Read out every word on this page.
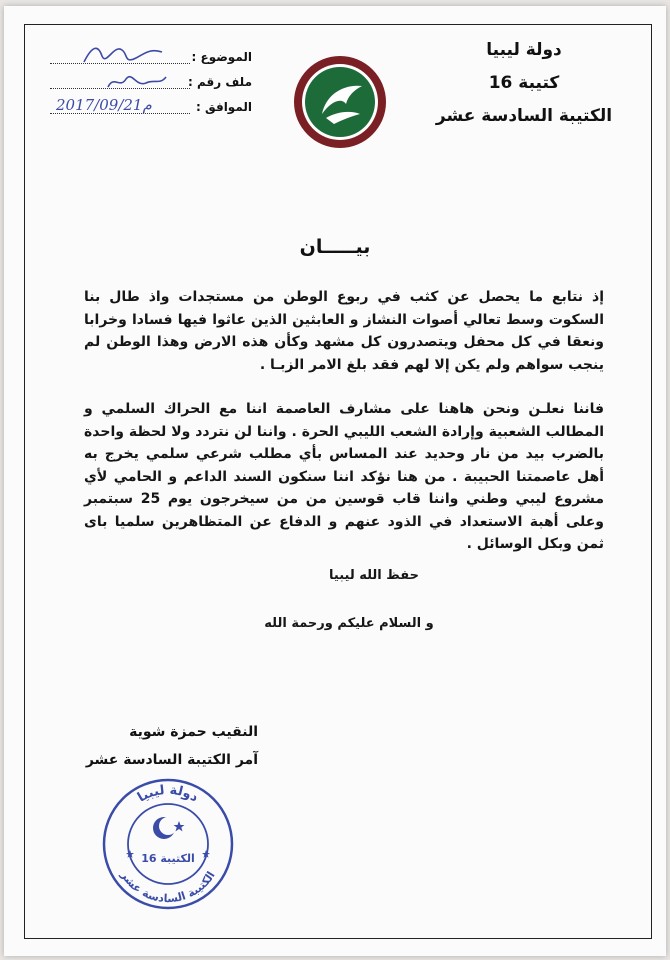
دولة ليبيا
كتيبة 16
الكتيبة السادسة عشر
الموضوع :
ملف رقم :
الموافق :
2017/09/21م
بيـــــان

إذ نتابع ما يحصل عن كثب في ربوع الوطن من مستجدات واذ طال بنا السكوت وسط تعالي أصوات النشاز و العابثين الذين عاثوا فيها فسادا وخرابا ونعقا في كل محفل ويتصدرون كل مشهد وكأن هذه الارض وهذا الوطن لم ينجب سواهم ولم يكن إلا لهم فقد بلغ الامر الزبـا .

فاننا نعلـن ونحن هاهنا على مشارف العاصمة اننا مع الحراك السلمي و المطالب الشعبية وإرادة الشعب الليبي الحرة . واننا لن نتردد ولا لحظة واحدة بالضرب بيد من نار وحديد عند المساس بأي مطلب شرعي سلمي يخرج به أهل عاصمتنا الحبيبة . من هنا نؤكد اننا سنكون السند الداعم و الحامي لأي مشروع ليبي وطني واننا قاب قوسين من من سيخرجون يوم 25 سبتمبر وعلى أهبة الاستعداد في الذود عنهم و الدفاع عن المتظاهرين سلميا باى ثمن وبكل الوسائل .

حفظ الله ليبيا
و السلام عليكم ورحمة الله
النقيب حمزة شوية
آمر الكتيبة السادسة عشر
دولة ليبيا
الكتيبة السادسة عشر
الكتيبة 16
